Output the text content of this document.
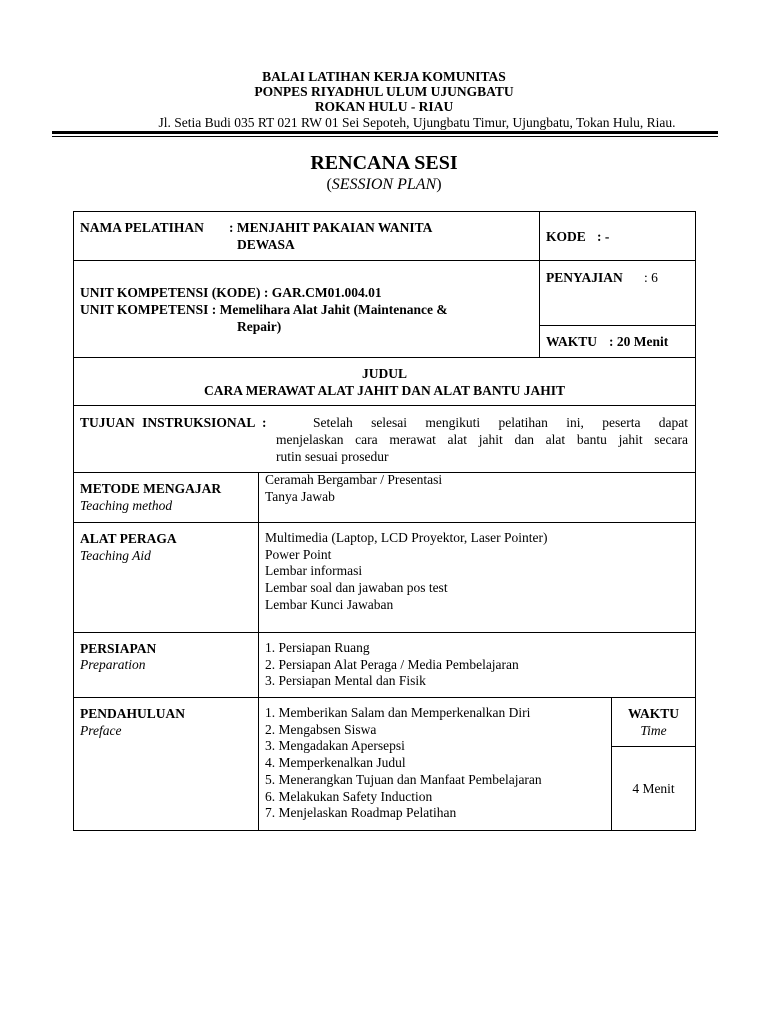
BALAI LATIHAN KERJA KOMUNITAS
PONPES RIYADHUL ULUM UJUNGBATU
ROKAN HULU - RIAU
Jl. Setia Budi 035 RT 021 RW 01 Sei Sepoteh, Ujungbatu Timur, Ujungbatu, Tokan Hulu, Riau.
RENCANA SESI
(SESSION PLAN)
NAMA PELATIHAN : MENJAHIT PAKAIAN WANITA
DEWASA
KODE : -
UNIT KOMPETENSI (KODE) : GAR.CM01.004.01
UNIT KOMPETENSI : Memelihara Alat Jahit (Maintenance &
Repair)
PENYAJIAN : 6
WAKTU : 20 Menit
JUDUL
CARA MERAWAT ALAT JAHIT DAN ALAT BANTU JAHIT
TUJUAN INSTRUKSIONAL :	Setelah selesai mengikuti pelatihan ini, peserta dapat
menjelaskan cara merawat alat jahit dan alat bantu jahit secara
rutin sesuai prosedur
METODE MENGAJAR
Teaching method
Ceramah Bergambar / Presentasi
Tanya Jawab
ALAT PERAGA
Teaching Aid
Multimedia (Laptop, LCD Proyektor, Laser Pointer)
Power Point
Lembar informasi
Lembar soal dan jawaban pos test
Lembar Kunci Jawaban
PERSIAPAN
Preparation
1. Persiapan Ruang
2. Persiapan Alat Peraga / Media Pembelajaran
3. Persiapan Mental dan Fisik
PENDAHULUAN
Preface
1. Memberikan Salam dan Memperkenalkan Diri
2. Mengabsen Siswa
3. Mengadakan Apersepsi
4. Memperkenalkan Judul
5. Menerangkan Tujuan dan Manfaat Pembelajaran
6. Melakukan Safety Induction
7. Menjelaskan Roadmap Pelatihan
WAKTU
Time
4 Menit
